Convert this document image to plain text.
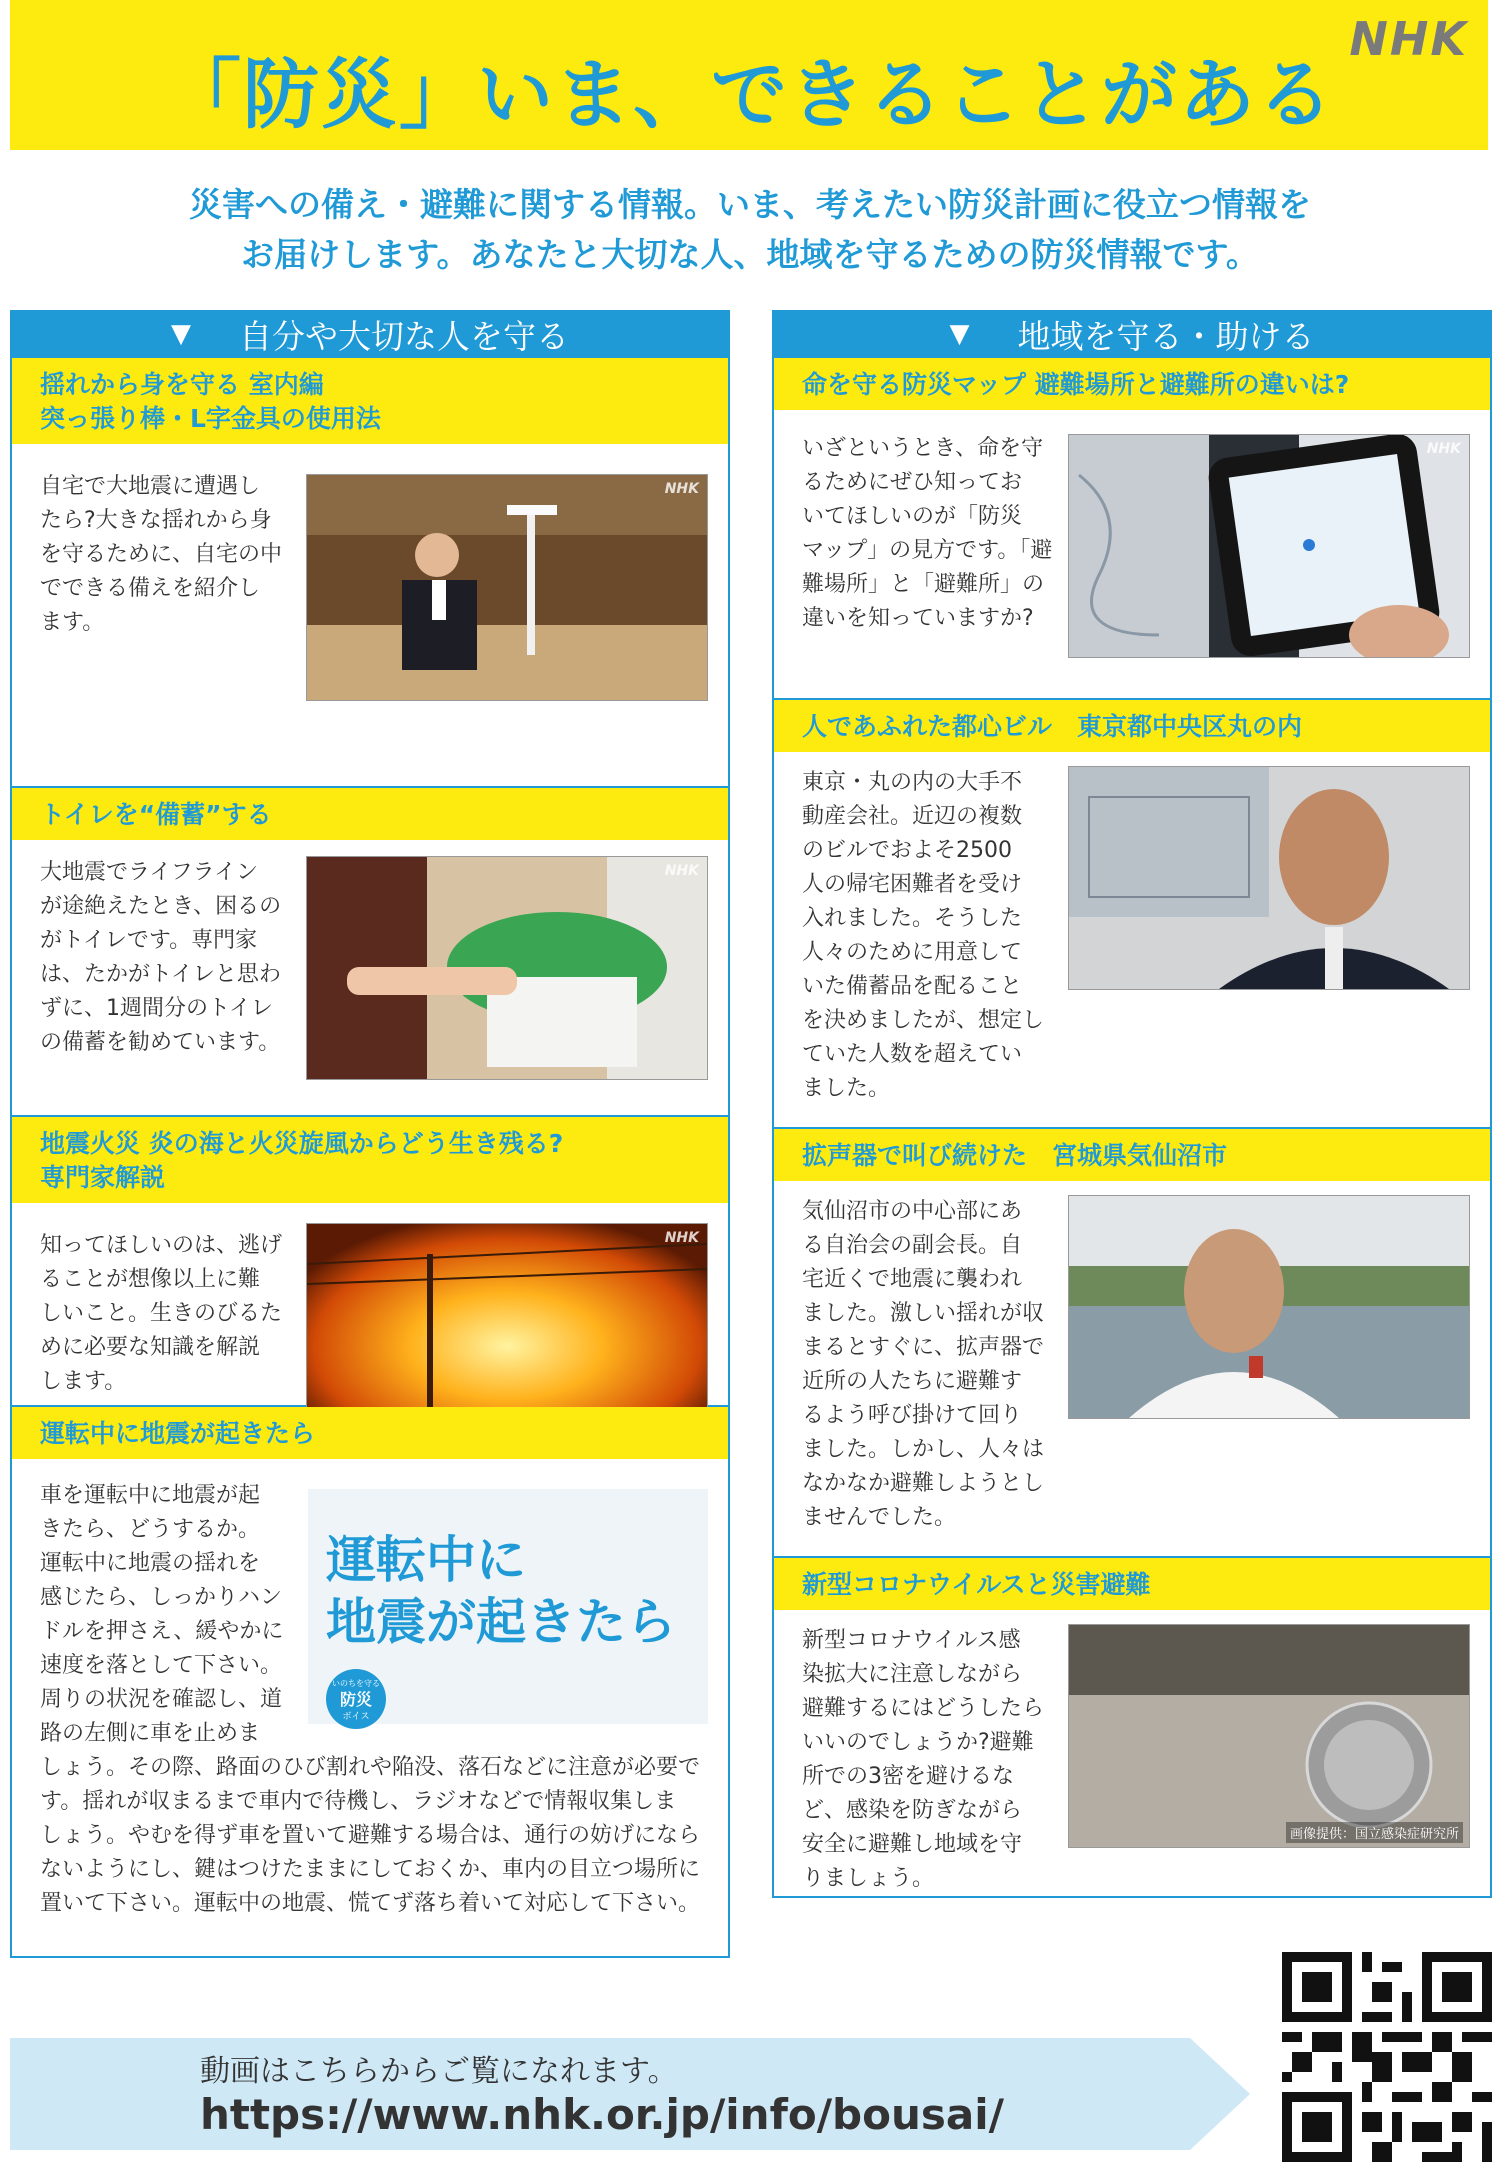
「防災」いま、できることがある
NHK
災害への備え・避難に関する情報。いま、考えたい防災計画に役立つ情報を
お届けします。あなたと大切な人、地域を守るための防災情報です。
▼ 自分や大切な人を守る
揺れから身を守る 室内編
突っ張り棒・L字金具の使用法
自宅で大地震に遭遇し
たら?大きな揺れから身
を守るために、自宅の中
でできる備えを紹介し
ます。
NHK
トイレを“備蓄”する
大地震でライフライン
が途絶えたとき、困るの
がトイレです。専門家
は、たかがトイレと思わ
ずに、1週間分のトイレ
の備蓄を勧めています。
NHK
地震火災 炎の海と火災旋風からどう生き残る?
専門家解説
知ってほしいのは、逃げ
ることが想像以上に難
しいこと。生きのびるた
めに必要な知識を解説
します。
NHK
運転中に地震が起きたら
車を運転中に地震が起
きたら、どうするか。
運転中に地震の揺れを
感じたら、しっかりハン
ドルを押さえ、緩やかに
速度を落として下さい。
周りの状況を確認し、道
路の左側に車を止めま
しょう。その際、路面のひび割れや陥没、落石などに注意が必要で
す。揺れが収まるまで車内で待機し、ラジオなどで情報収集しま
しょう。やむを得ず車を置いて避難する場合は、通行の妨げになら
ないようにし、鍵はつけたままにしておくか、車内の目立つ場所に
置いて下さい。運転中の地震、慌てず落ち着いて対応して下さい。
運転中に
地震が起きたら
いのちを守る
防災
ボイス
▼ 地域を守る・助ける
命を守る防災マップ 避難場所と避難所の違いは?
いざというとき、命を守
るためにぜひ知ってお
いてほしいのが「防災
マップ」の見方です。「避
難場所」と「避難所」の
違いを知っていますか?
NHK
人であふれた都心ビル　東京都中央区丸の内
東京・丸の内の大手不
動産会社。近辺の複数
のビルでおよそ2500
人の帰宅困難者を受け
入れました。そうした
人々のために用意して
いた備蓄品を配ること
を決めましたが、想定し
ていた人数を超えてい
ました。
拡声器で叫び続けた　宮城県気仙沼市
気仙沼市の中心部にあ
る自治会の副会長。自
宅近くで地震に襲われ
ました。激しい揺れが収
まるとすぐに、拡声器で
近所の人たちに避難す
るよう呼び掛けて回り
ました。しかし、人々は
なかなか避難しようとし
ませんでした。
新型コロナウイルスと災害避難
新型コロナウイルス感
染拡大に注意しながら
避難するにはどうしたら
いいのでしょうか?避難
所での3密を避けるな
ど、感染を防ぎながら
安全に避難し地域を守
りましょう。
画像提供：国立感染症研究所
動画はこちらからご覧になれます。
https://www.nhk.or.jp/info/bousai/
